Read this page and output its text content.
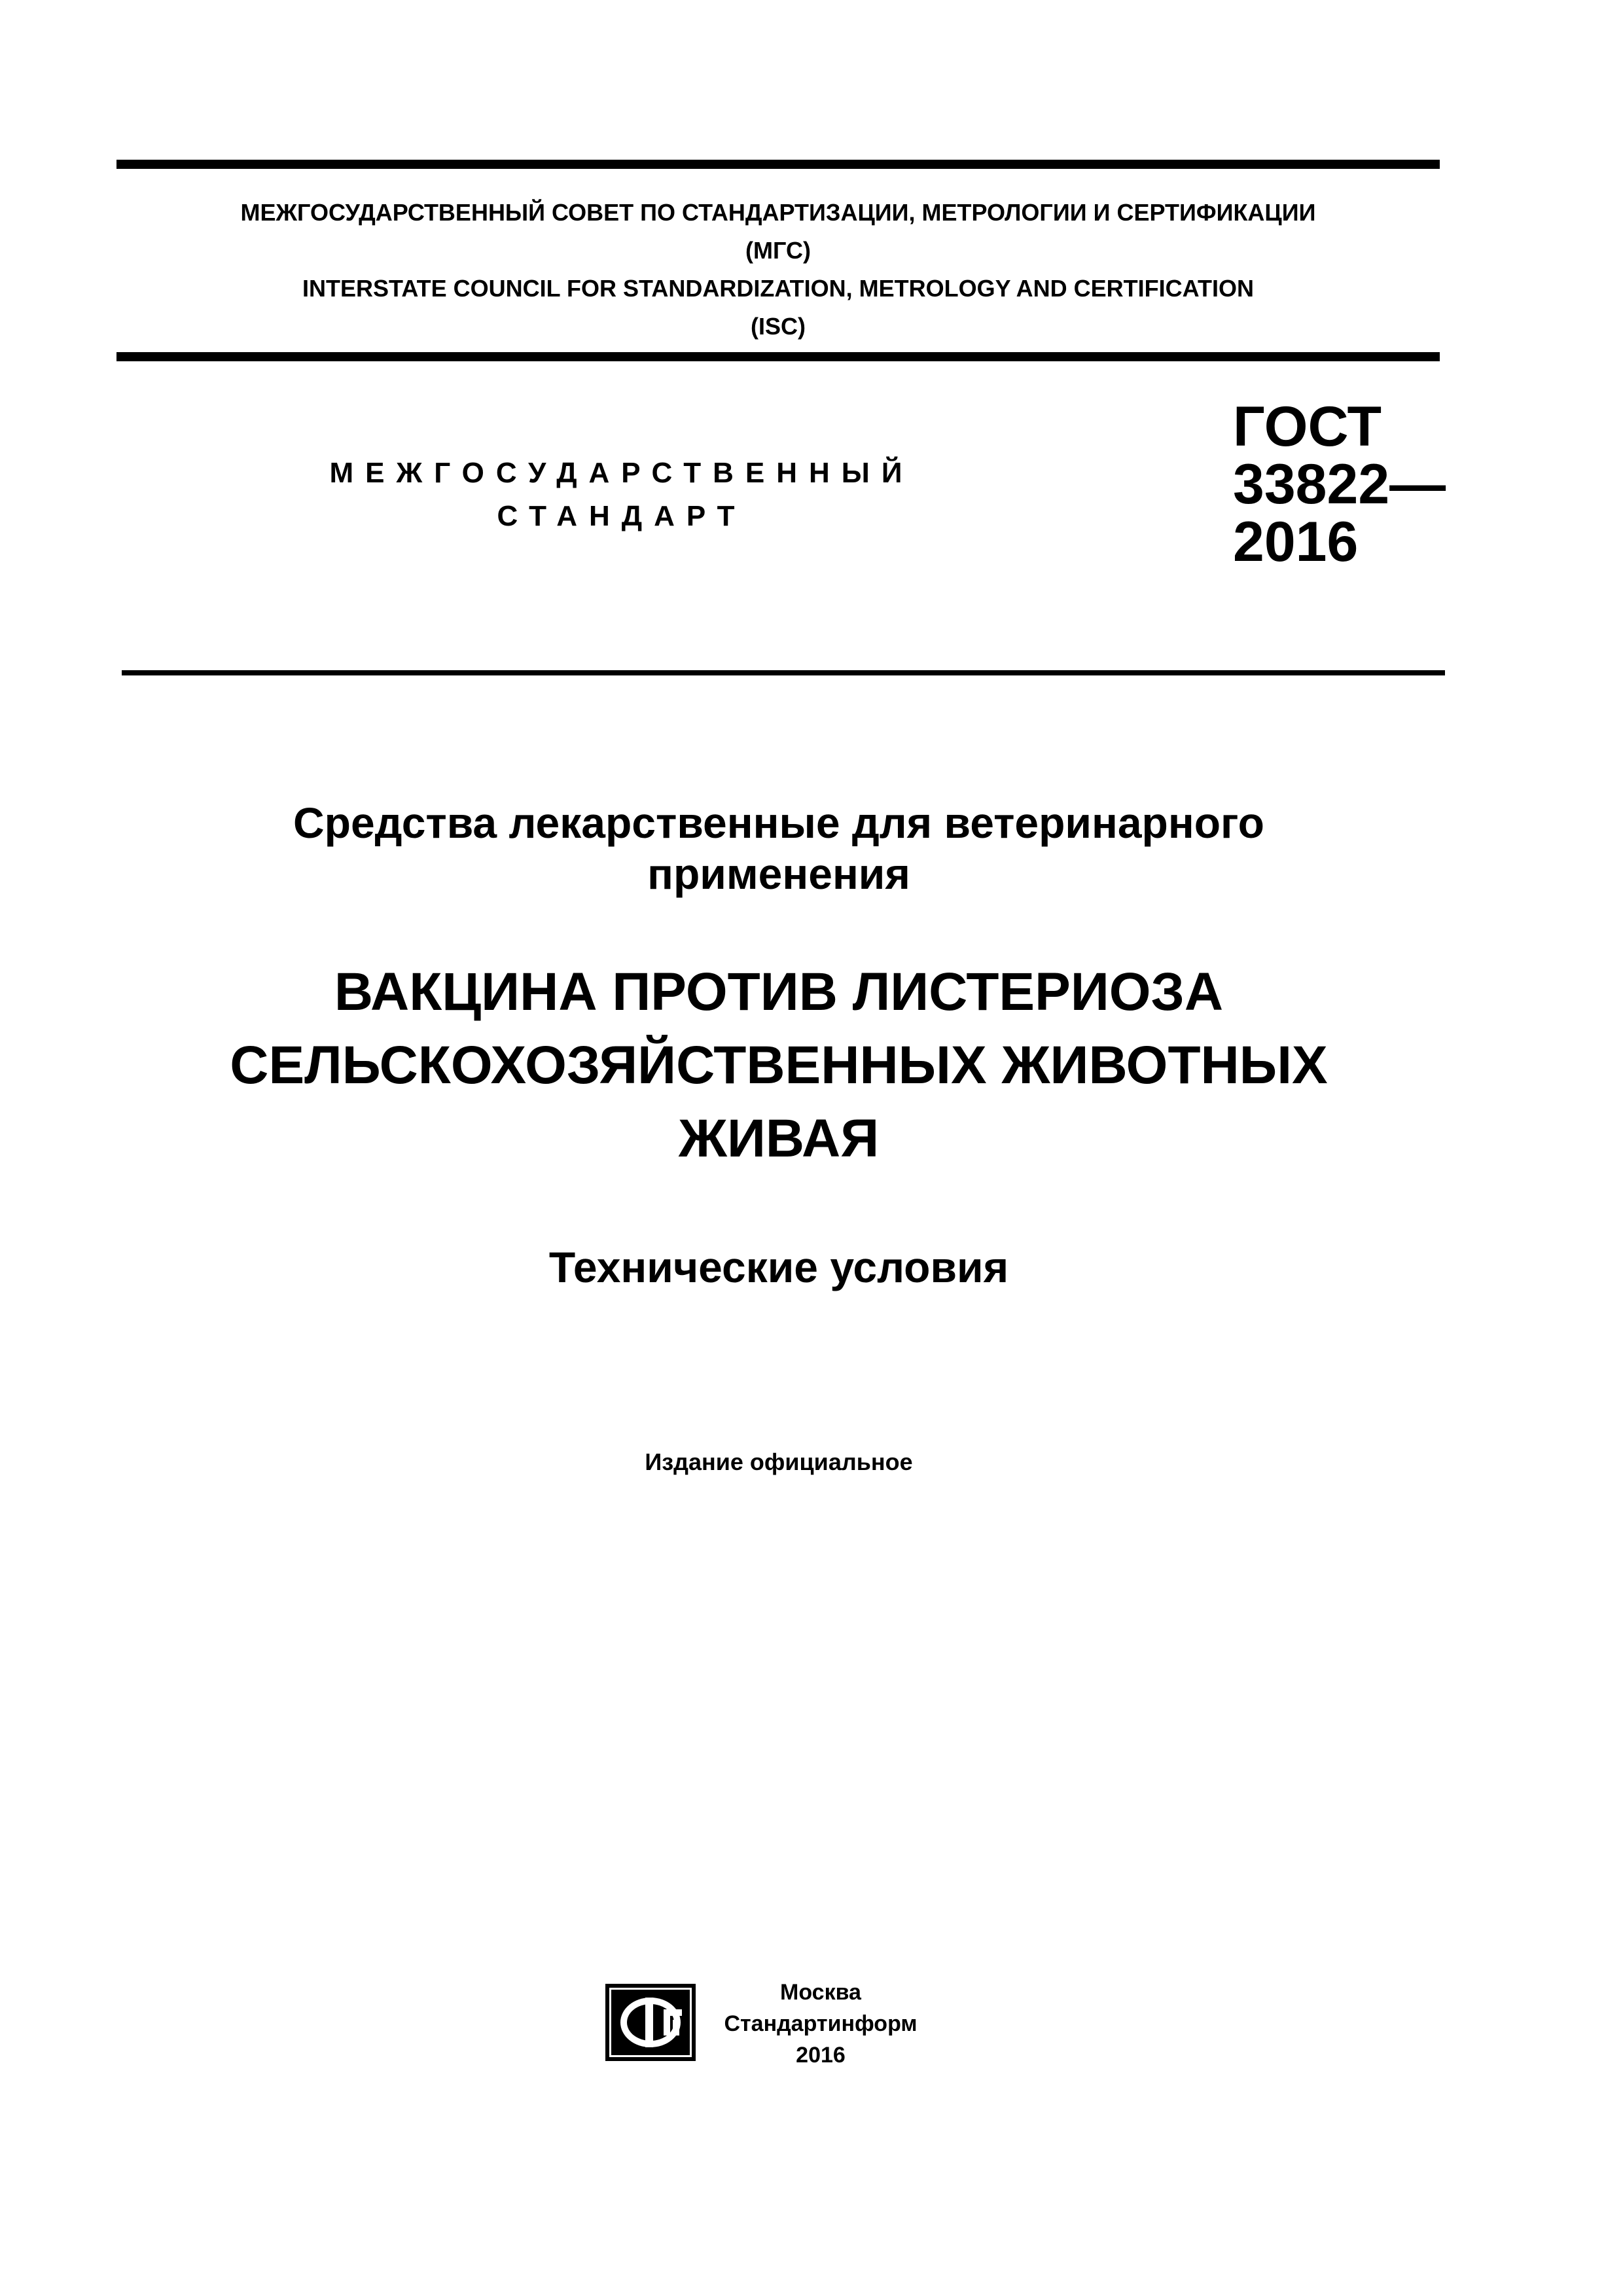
МЕЖГОСУДАРСТВЕННЫЙ СОВЕТ ПО СТАНДАРТИЗАЦИИ, МЕТРОЛОГИИ И СЕРТИФИКАЦИИ
(МГС)
INTERSTATE COUNCIL FOR STANDARDIZATION, METROLOGY AND CERTIFICATION
(ISC)
МЕЖГОСУДАРСТВЕННЫЙ
СТАНДАРТ
ГОСТ
33822—
2016
Средства лекарственные для ветеринарного
применения
ВАКЦИНА ПРОТИВ ЛИСТЕРИОЗА
СЕЛЬСКОХОЗЯЙСТВЕННЫХ ЖИВОТНЫХ
ЖИВАЯ
Технические условия
Издание официальное
Москва
Стандартинформ
2016
